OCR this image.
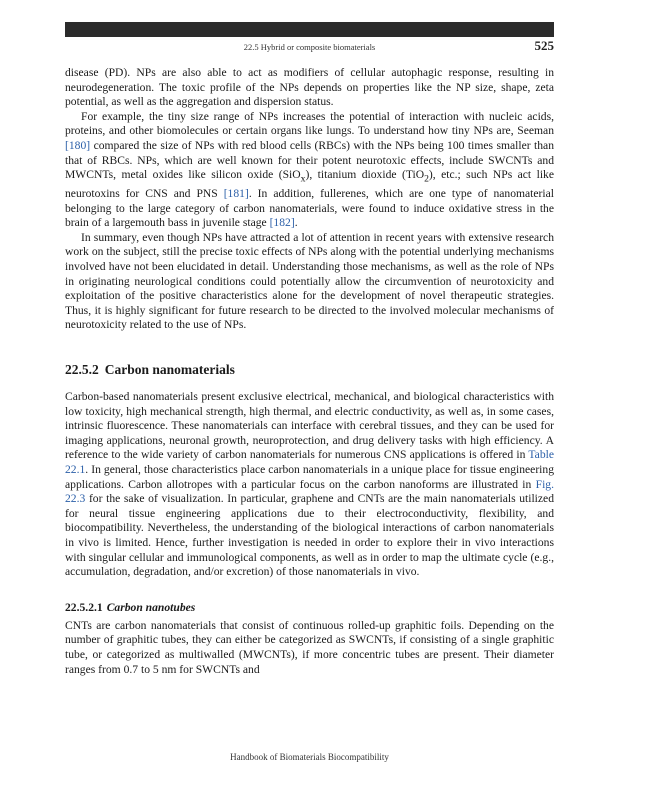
22.5 Hybrid or composite biomaterials	525

disease (PD). NPs are also able to act as modifiers of cellular autophagic response, resulting in neurodegeneration. The toxic profile of the NPs depends on properties like the NP size, shape, zeta potential, as well as the aggregation and dispersion status.

For example, the tiny size range of NPs increases the potential of interaction with nucleic acids, proteins, and other biomolecules or certain organs like lungs. To understand how tiny NPs are, Seeman [180] compared the size of NPs with red blood cells (RBCs) with the NPs being 100 times smaller than that of RBCs. NPs, which are well known for their potent neurotoxic effects, include SWCNTs and MWCNTs, metal oxides like silicon oxide (SiO$_x$), titanium dioxide (TiO$_2$), etc.; such NPs act like neurotoxins for CNS and PNS [181]. In addition, fullerenes, which are one type of nanomaterial belonging to the large category of carbon nanomaterials, were found to induce oxidative stress in the brain of a largemouth bass in juvenile stage [182].

In summary, even though NPs have attracted a lot of attention in recent years with extensive research work on the subject, still the precise toxic effects of NPs along with the potential underlying mechanisms involved have not been elucidated in detail. Understanding those mechanisms, as well as the role of NPs in originating neurological conditions could potentially allow the circumvention of neurotoxicity and exploitation of the positive characteristics alone for the development of novel therapeutic strategies. Thus, it is highly significant for future research to be directed to the involved molecular mechanisms of neurotoxicity related to the use of NPs.

22.5.2 Carbon nanomaterials

Carbon-based nanomaterials present exclusive electrical, mechanical, and biological characteristics with low toxicity, high mechanical strength, high thermal, and electric conductivity, as well as, in some cases, intrinsic fluorescence. These nanomaterials can interface with cerebral tissues, and they can be used for imaging applications, neuronal growth, neuroprotection, and drug delivery tasks with high efficiency. A reference to the wide variety of carbon nanomaterials for numerous CNS applications is offered in Table 22.1. In general, those characteristics place carbon nanomaterials in a unique place for tissue engineering applications. Carbon allotropes with a particular focus on the carbon nanoforms are illustrated in Fig. 22.3 for the sake of visualization. In particular, graphene and CNTs are the main nanomaterials utilized for neural tissue engineering applications due to their electroconductivity, flexibility, and biocompatibility. Nevertheless, the understanding of the biological interactions of carbon nanomaterials in vivo is limited. Hence, further investigation is needed in order to explore their in vivo interactions with singular cellular and immunological components, as well as in order to map the ultimate cycle (e.g., accumulation, degradation, and/or excretion) of those nanomaterials in vivo.

22.5.2.1 Carbon nanotubes

CNTs are carbon nanomaterials that consist of continuous rolled-up graphitic foils. Depending on the number of graphitic tubes, they can either be categorized as SWCNTs, if consisting of a single graphitic tube, or categorized as multiwalled (MWCNTs), if more concentric tubes are present. Their diameter ranges from 0.7 to 5 nm for SWCNTs and

Handbook of Biomaterials Biocompatibility
